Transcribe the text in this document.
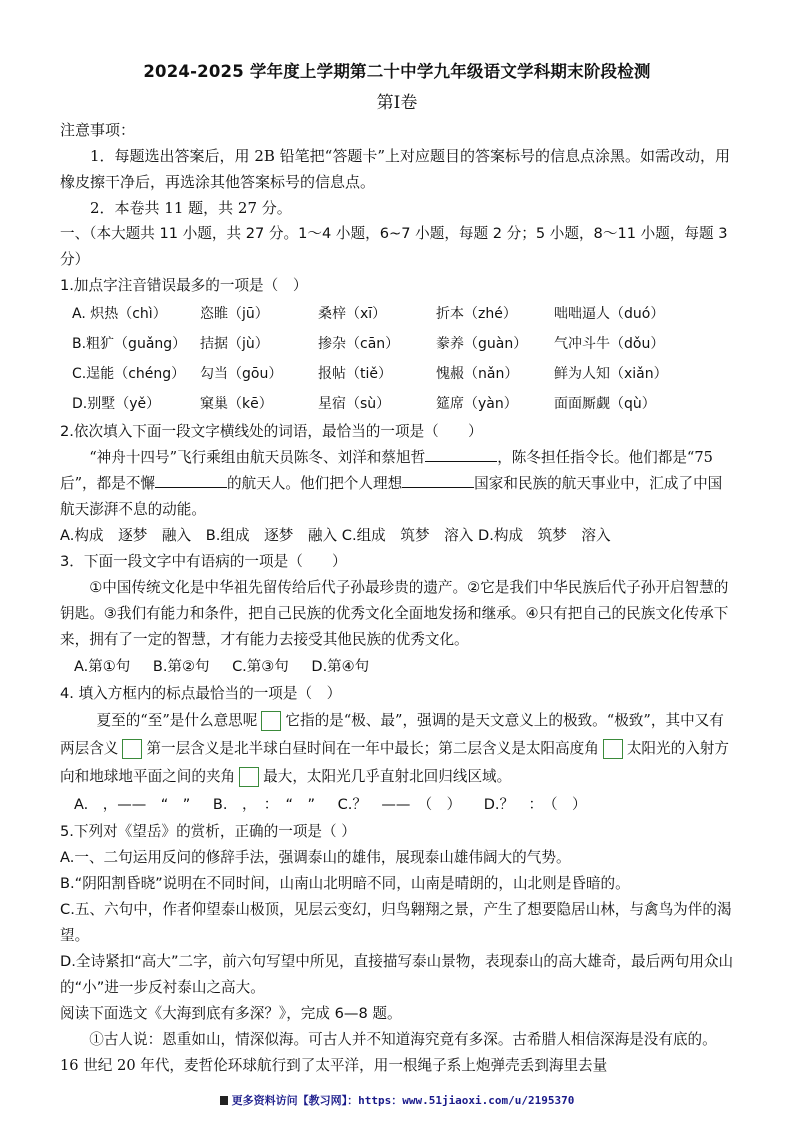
2024-2025 学年度上学期第二十中学九年级语文学科期末阶段检测

第Ⅰ卷

注意事项：

1．每题选出答案后，用 2B 铅笔把“答题卡”上对应题目的答案标号的信息点涂黑。如需改动，用橡皮擦干净后，再选涂其他答案标号的信息点。

2．本卷共 11 题，共 27 分。

一、（本大题共 11 小题，共 27 分。1～4 小题，6~7 小题，每题 2 分；5 小题，8～11 小题，每题 3 分）

1.加点字注音错误最多的一项是（　）

A. 炽热（chì）	恣睢（jū）	桑梓（xī）	折本（zhé）	咄咄逼人（duó）
B.粗犷（guǎng）	拮据（jù）	掺杂（cān）	豢养（guàn）	气冲斗牛（dǒu）
C.逞能（chéng）	勾当（gōu）	报帖（tiě）	愧赧（nǎn）	鲜为人知（xiǎn）
D.别墅（yě）	窠巢（kē）	星宿（sù）	筵席（yàn）	面面厮觑（qù）

2.依次填入下面一段文字横线处的词语，最恰当的一项是（　　）

“神舟十四号”飞行乘组由航天员陈冬、刘洋和蔡旭哲	，陈冬担任指令长。他们都是“75 后”，都是不懈	的航天人。他们把个人理想	国家和民族的航天事业中，汇成了中国航天澎湃不息的动能。

A.构成　逐梦　融入　B.组成　逐梦　融入 C.组成　筑梦　溶入 D.构成　筑梦　溶入

3．下面一段文字中有语病的一项是（　　）

①中国传统文化是中华祖先留传给后代子孙最珍贵的遗产。②它是我们中华民族后代子孙开启智慧的钥匙。③我们有能力和条件，把自己民族的优秀文化全面地发扬和继承。④只有把自己的民族文化传承下来，拥有了一定的智慧，才有能力去接受其他民族的优秀文化。

A.第①句 B.第②句 C.第③句 D.第④句

4. 填入方框内的标点最恰当的一项是（　）

夏至的“至”是什么意思呢 它指的是“极、最”，强调的是天文意义上的极致。“极致”，其中又有两层含义 第一层含义是北半球白昼时间在一年中最长；第二层含义是太阳高度角 太阳光的入射方向和地球地平面之间的夹角 最大，太阳光几乎直射北回归线区域。

A.　，——　“　” B.　，　：　“　” C.？　——　（　） D.？　：　（　）

5.下列对《望岳》的赏析，正确的一项是（ ）

A.一、二句运用反问的修辞手法，强调泰山的雄伟，展现泰山雄伟阔大的气势。

B.“阴阳割昏晓”说明在不同时间，山南山北明暗不同，山南是晴朗的，山北则是昏暗的。

C.五、六句中，作者仰望泰山极顶，见层云变幻，归鸟翱翔之景，产生了想要隐居山林，与禽鸟为伴的渴望。

D.全诗紧扣“高大”二字，前六句写望中所见，直接描写泰山景物，表现泰山的高大雄奇，最后两句用众山的“小”进一步反衬泰山之高大。

阅读下面选文《大海到底有多深？》，完成 6—8 题。

①古人说：恩重如山，情深似海。可古人并不知道海究竟有多深。古希腊人相信深海是没有底的。16 世纪 20 年代，麦哲伦环球航行到了太平洋，用一根绳子系上炮弹壳丢到海里去量

更多资料访问【教习网】：https：www.51jiaoxi.com/u/2195370
